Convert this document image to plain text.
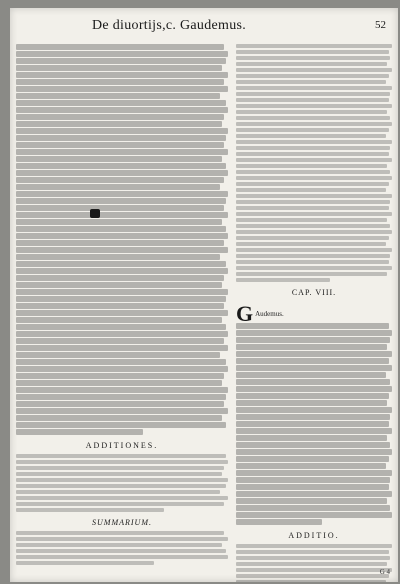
De diuortijs,c. Gaudemus.	52
ADDITIONES.
SUMMARIUM.
CAP. VIII.
G Audemus.
ADDITIO.
G 4
